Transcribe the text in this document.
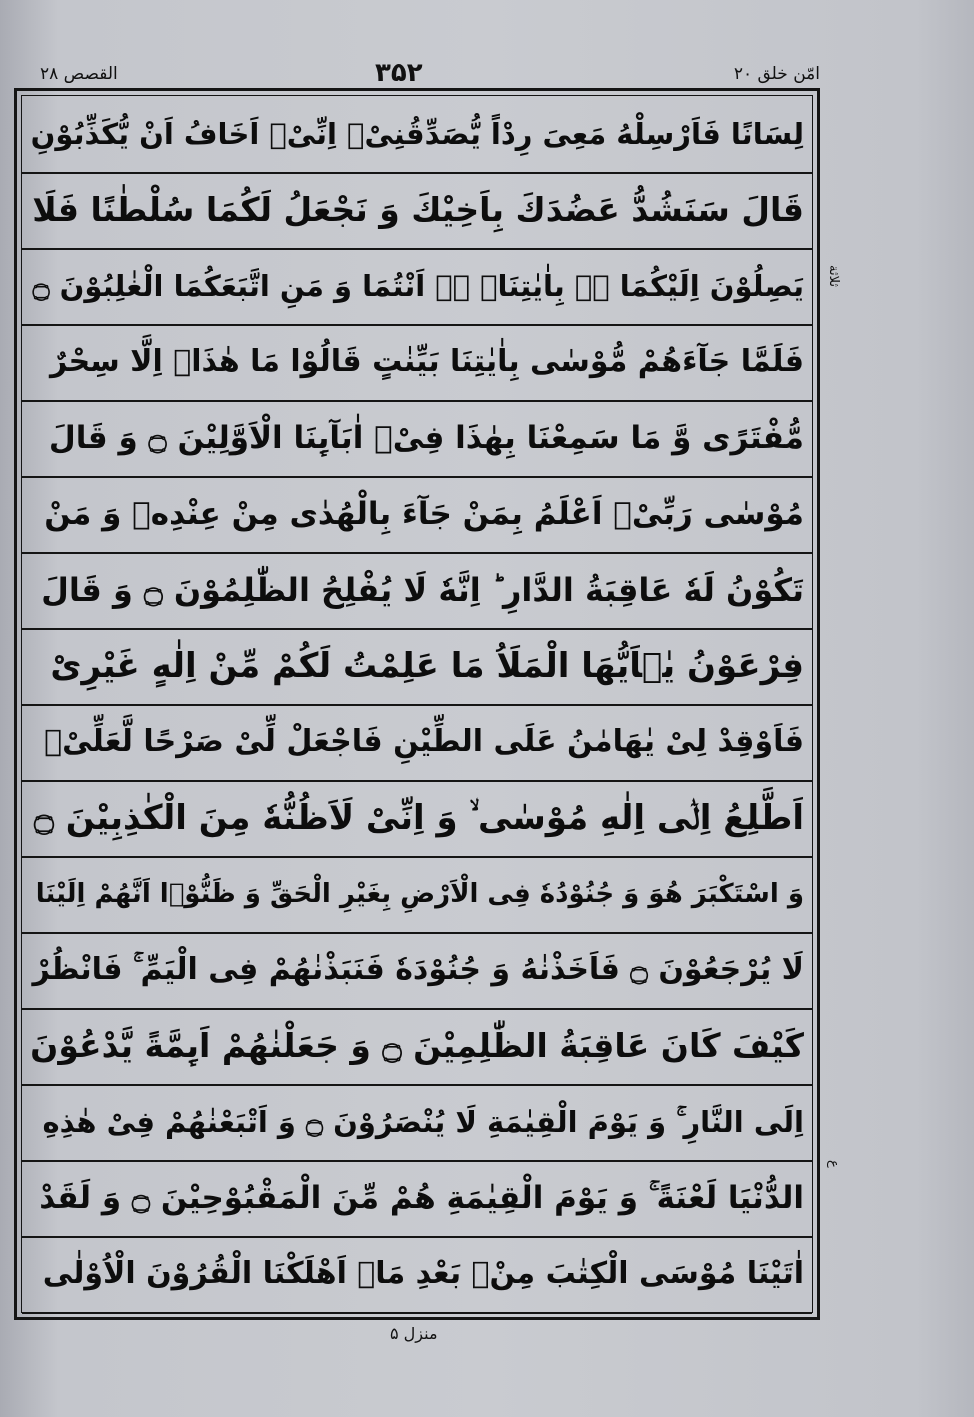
القصص ۲۸	۳۵۲	امّن خلق ۲۰
لِسَانًا فَاَرْسِلْهُ مَعِیَ رِدْاً یُّصَدِّقُنِیْۤ اِنِّیْۤ اَخَافُ اَنْ یُّكَذِّبُوْنِ
قَالَ سَنَشُدُّ عَضُدَكَ بِاَخِیْكَ وَ نَجْعَلُ لَكُمَا سُلْطٰنًا فَلَا
یَصِلُوْنَ اِلَیْكُمَا ۚۛ بِاٰیٰتِنَاۤ ۚۛ اَنْتُمَا وَ مَنِ اتَّبَعَكُمَا الْغٰلِبُوْنَ ۝
فَلَمَّا جَآءَهُمْ مُّوْسٰی بِاٰیٰتِنَا بَیِّنٰتٍ قَالُوْا مَا هٰذَاۤ اِلَّا سِحْرٌ
مُّفْتَرًی وَّ مَا سَمِعْنَا بِهٰذَا فِیْۤ اٰبَآىِٕنَا الْاَوَّلِیْنَ ۝ وَ قَالَ
مُوْسٰی رَبِّیْۤ اَعْلَمُ بِمَنْ جَآءَ بِالْهُدٰی مِنْ عِنْدِهٖ وَ مَنْ
تَكُوْنُ لَهٗ عَاقِبَةُ الدَّارِ ؕ اِنَّهٗ لَا یُفْلِحُ الظّٰلِمُوْنَ ۝ وَ قَالَ
فِرْعَوْنُ یٰۤاَیُّهَا الْمَلَاُ مَا عَلِمْتُ لَكُمْ مِّنْ اِلٰهٍ غَیْرِیْ
فَاَوْقِدْ لِیْ یٰهَامٰنُ عَلَی الطِّیْنِ فَاجْعَلْ لِّیْ صَرْحًا لَّعَلِّیْۤ
اَطَّلِعُ اِلٰۤی اِلٰهِ مُوْسٰی ۙ وَ اِنِّیْ لَاَظُنُّهٗ مِنَ الْكٰذِبِیْنَ ۝
وَ اسْتَكْبَرَ هُوَ وَ جُنُوْدُهٗ فِی الْاَرْضِ بِغَیْرِ الْحَقِّ وَ ظَنُّوْۤا اَنَّهُمْ اِلَیْنَا
لَا یُرْجَعُوْنَ ۝ فَاَخَذْنٰهُ وَ جُنُوْدَهٗ فَنَبَذْنٰهُمْ فِی الْیَمِّ ۚ فَانْظُرْ
كَیْفَ كَانَ عَاقِبَةُ الظّٰلِمِیْنَ ۝ وَ جَعَلْنٰهُمْ اَىِٕمَّةً یَّدْعُوْنَ
اِلَی النَّارِ ۚ وَ یَوْمَ الْقِیٰمَةِ لَا یُنْصَرُوْنَ ۝ وَ اَتْبَعْنٰهُمْ فِیْ هٰذِهِ
الدُّنْیَا لَعْنَةً ۚ وَ یَوْمَ الْقِیٰمَةِ هُمْ مِّنَ الْمَقْبُوْحِیْنَ ۝ وَ لَقَدْ
اٰتَیْنَا مُوْسَی الْكِتٰبَ مِنْۢ بَعْدِ مَاۤ اَهْلَكْنَا الْقُرُوْنَ الْاُوْلٰی
ثلاثة
ع
منزل ۵
